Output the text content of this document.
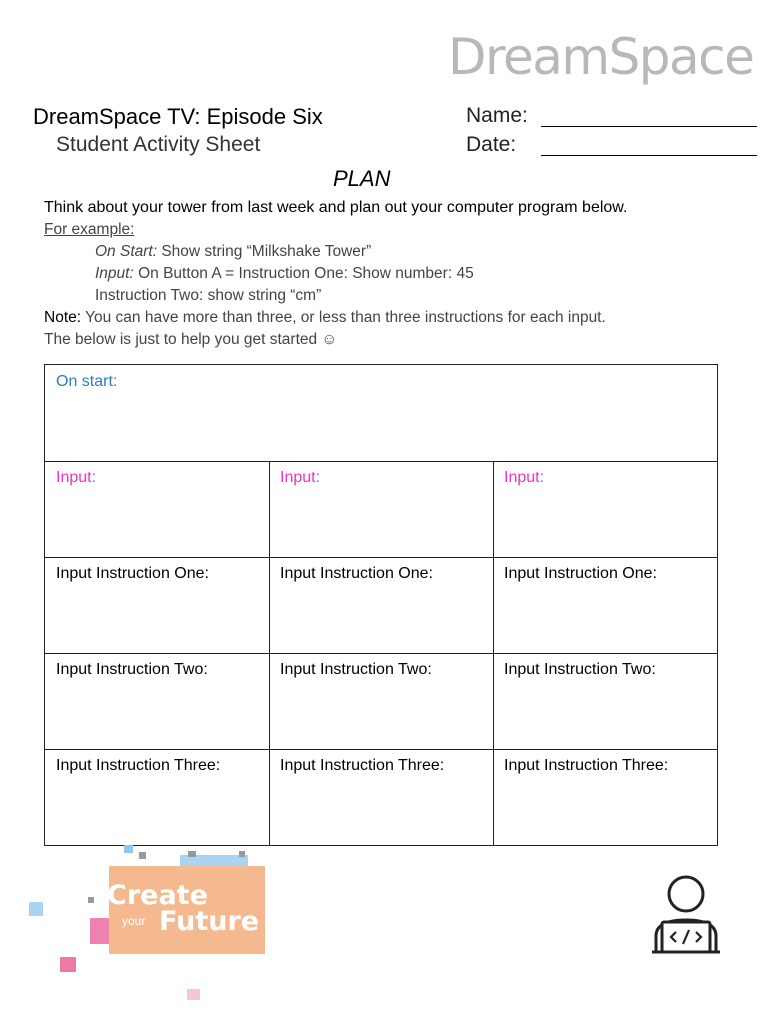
DreamSpace
DreamSpace TV: Episode Six
Student Activity Sheet
Name:
Date:
PLAN
Think about your tower from last week and plan out your computer program below.
For example:
On Start: Show string “Milkshake Tower”
Input: On Button A = Instruction One: Show number: 45
Instruction Two: show string “cm”
Note: You can have more than three, or less than three instructions for each input.
The below is just to help you get started ☺
On start:
Input:	Input:	Input:
Input Instruction One:	Input Instruction One:	Input Instruction One:
Input Instruction Two:	Input Instruction Two:	Input Instruction Two:
Input Instruction Three:	Input Instruction Three:	Input Instruction Three:
Create
your Future
